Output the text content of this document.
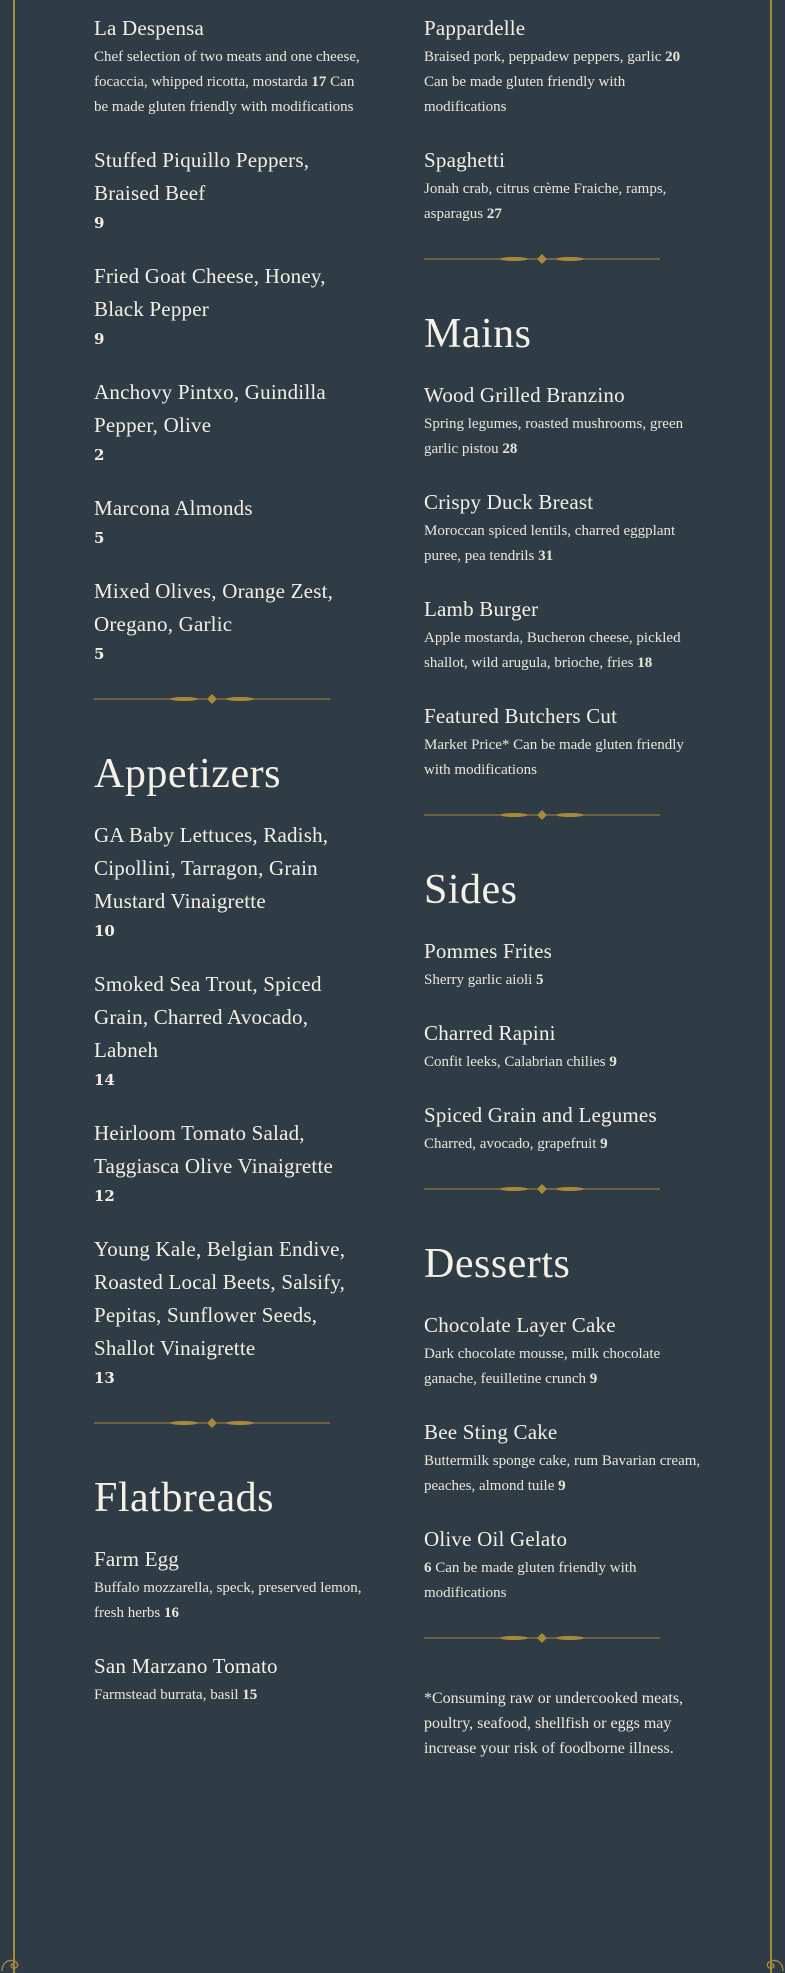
La Despensa
Chef selection of two meats and one cheese, focaccia, whipped ricotta, mostarda 17 Can be made gluten friendly with modifications
Stuffed Piquillo Peppers, Braised Beef
9
Fried Goat Cheese, Honey, Black Pepper
9
Anchovy Pintxo, Guindilla Pepper, Olive
2
Marcona Almonds
5
Mixed Olives, Orange Zest, Oregano, Garlic
5
Appetizers
GA Baby Lettuces, Radish, Cipollini, Tarragon, Grain Mustard Vinaigrette
10
Smoked Sea Trout, Spiced Grain, Charred Avocado, Labneh
14
Heirloom Tomato Salad, Taggiasca Olive Vinaigrette
12
Young Kale, Belgian Endive, Roasted Local Beets, Salsify, Pepitas, Sunflower Seeds, Shallot Vinaigrette
13
Flatbreads
Farm Egg
Buffalo mozzarella, speck, preserved lemon, fresh herbs 16
San Marzano Tomato
Farmstead burrata, basil 15
Pappardelle
Braised pork, peppadew peppers, garlic 20 Can be made gluten friendly with modifications
Spaghetti
Jonah crab, citrus crème Fraiche, ramps, asparagus 27
Mains
Wood Grilled Branzino
Spring legumes, roasted mushrooms, green garlic pistou 28
Crispy Duck Breast
Moroccan spiced lentils, charred eggplant puree, pea tendrils 31
Lamb Burger
Apple mostarda, Bucheron cheese, pickled shallot, wild arugula, brioche, fries 18
Featured Butchers Cut
Market Price* Can be made gluten friendly with modifications
Sides
Pommes Frites
Sherry garlic aioli 5
Charred Rapini
Confit leeks, Calabrian chilies 9
Spiced Grain and Legumes
Charred, avocado, grapefruit 9
Desserts
Chocolate Layer Cake
Dark chocolate mousse, milk chocolate ganache, feuilletine crunch 9
Bee Sting Cake
Buttermilk sponge cake, rum Bavarian cream, peaches, almond tuile 9
Olive Oil Gelato
6 Can be made gluten friendly with modifications
*Consuming raw or undercooked meats, poultry, seafood, shellfish or eggs may increase your risk of foodborne illness.
